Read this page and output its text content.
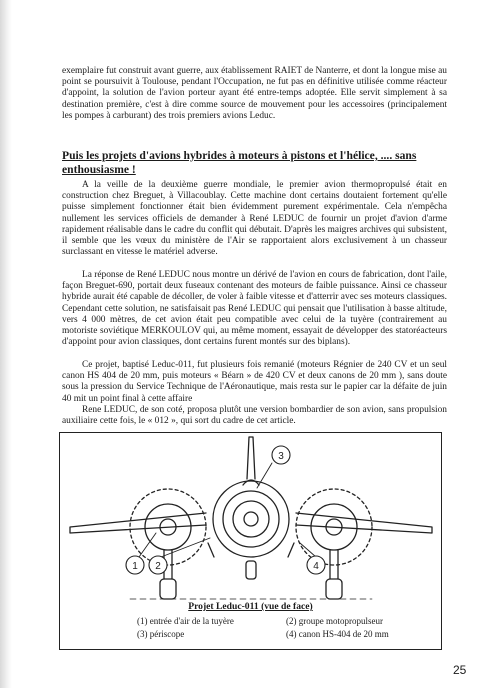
exemplaire fut construit avant guerre, aux établissement RAIET de Nanterre, et dont la longue mise au point se poursuivit à Toulouse, pendant l'Occupation, ne fut pas en définitive utilisée comme réacteur d'appoint, la solution de l'avion porteur ayant été entre-temps adoptée. Elle servit simplement à sa destination première, c'est à dire comme source de mouvement pour les accessoires (principalement les pompes à carburant) des trois premiers avions Leduc.

Puis les projets d'avions hybrides à moteurs à pistons et l'hélice, .... sans enthousiasme !

A la veille de la deuxième guerre mondiale, le premier avion thermopropulsé était en construction chez Breguet, à Villacoublay. Cette machine dont certains doutaient fortement qu'elle puisse simplement fonctionner était bien évidemment purement expérimentale. Cela n'empêcha nullement les services officiels de demander à René LEDUC de fournir un projet d'avion d'arme rapidement réalisable dans le cadre du conflit qui débutait. D'après les maigres archives qui subsistent, il semble que les vœux du ministère de l'Air se rapportaient alors exclusivement à un chasseur surclassant en vitesse le matériel adverse.

La réponse de René LEDUC nous montre un dérivé de l'avion en cours de fabrication, dont l'aile, façon Breguet-690, portait deux fuseaux contenant des moteurs de faible puissance. Ainsi ce chasseur hybride aurait été capable de décoller, de voler à faible vitesse et d'atterrir avec ses moteurs classiques. Cependant cette solution, ne satisfaisait pas René LEDUC qui pensait que l'utilisation à basse altitude, vers 4 000 mètres, de cet avion était peu compatible avec celui de la tuyère (contrairement au motoriste soviétique MERKOULOV qui, au même moment, essayait de développer des statoréacteurs d'appoint pour avion classiques, dont certains furent montés sur des biplans).

Ce projet, baptisé Leduc-011, fut plusieurs fois remanié (moteurs Régnier de 240 CV et un seul canon HS 404 de 20 mm, puis moteurs « Béarn » de 420 CV et deux canons de 20 mm ), sans doute sous la pression du Service Technique de l'Aéronautique, mais resta sur le papier car la défaite de juin 40 mit un point final à cette affaire

Rene LEDUC, de son coté, proposa plutôt une version bombardier de son avion, sans propulsion auxiliaire cette fois, le « 012 », qui sort du cadre de cet article.

3
1 2	4
Projet Leduc-011 (vue de face)
(1) entrée d'air de la tuyère	(2) groupe motopropulseur
(3) périscope	(4) canon HS-404 de 20 mm
25
